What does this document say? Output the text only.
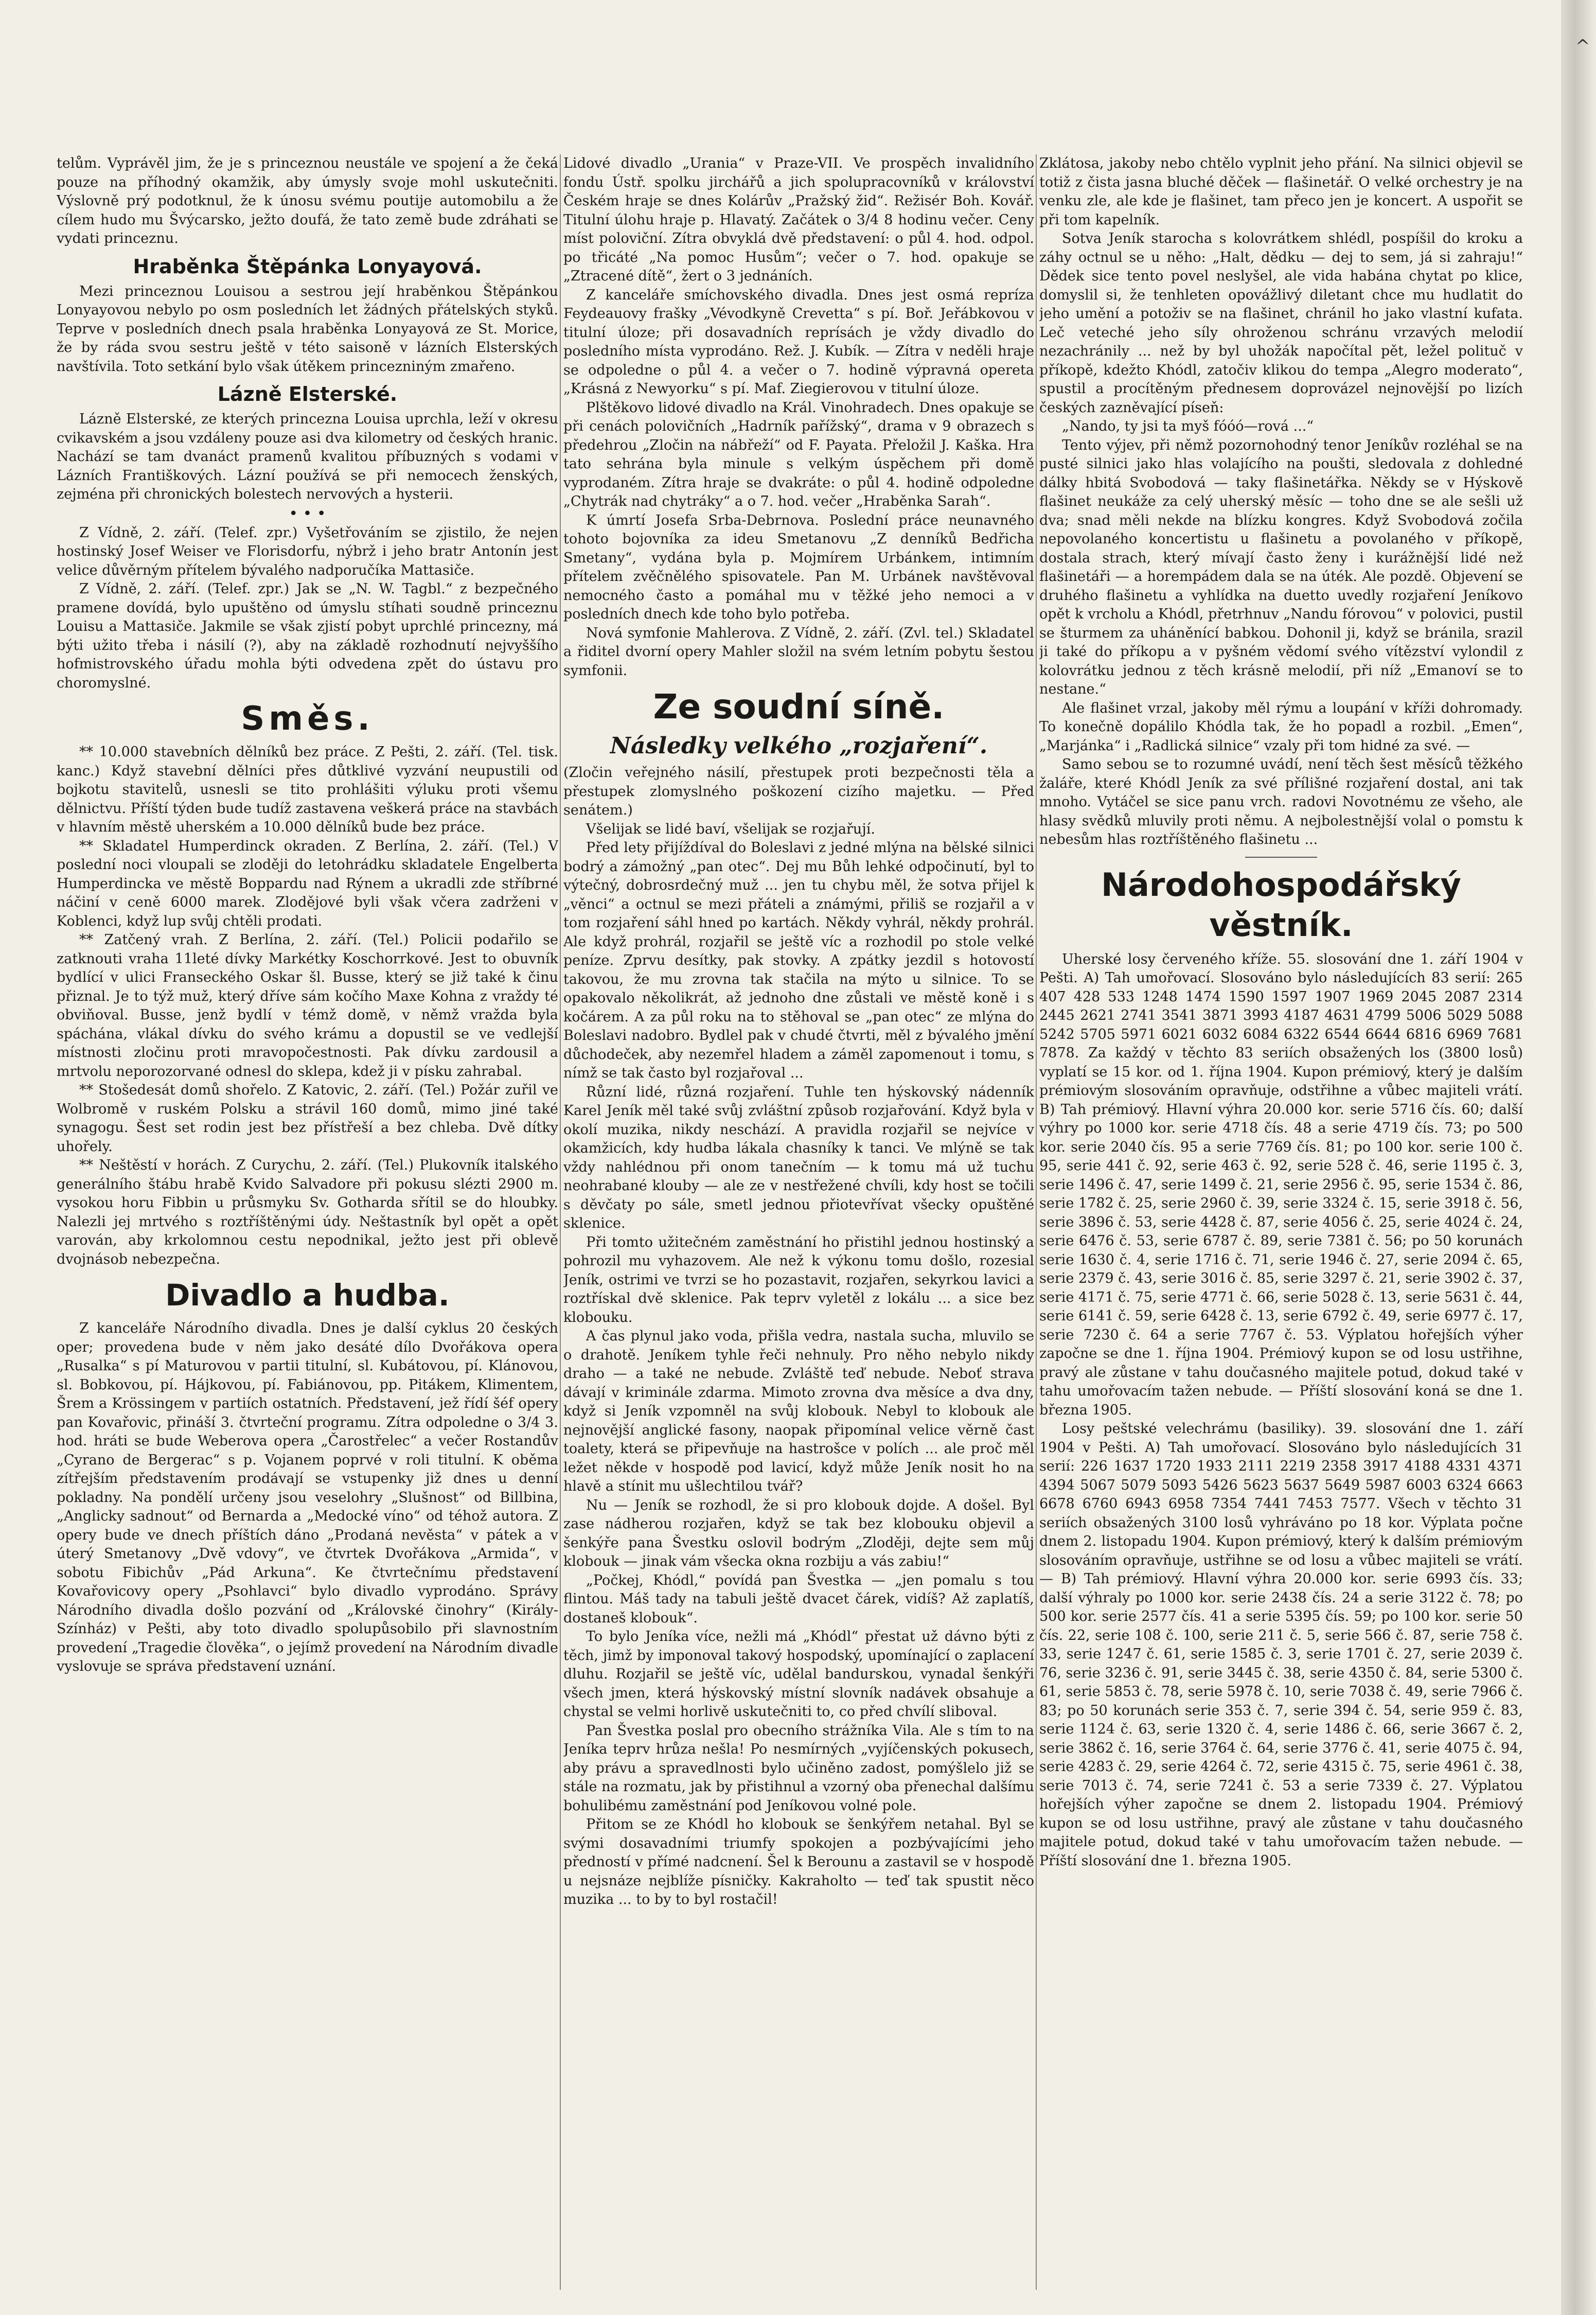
^

telům. Vyprávěl jim, že je s princeznou neustále ve spojení a že čeká pouze na příhodný okamžik, aby úmysly svoje mohl uskutečniti. Výslovně prý podotknul, že k únosu svému poutije automobilu a že cílem hudo mu Švýcarsko, ježto doufá, že tato země bude zdráhati se vydati princeznu.

Hraběnka Štěpánka Lonyayová.

Mezi princeznou Louisou a sestrou její hraběnkou Štěpánkou Lonyayovou nebylo po osm posledních let žádných přátelských styků. Teprve v posledních dnech psala hraběnka Lonyayová ze St. Morice, že by ráda svou sestru ještě v této saisoně v lázních Elsterských navštívila. Toto setkání bylo však útěkem princezniným zmařeno.

Lázně Elsterské.

Lázně Elsterské, ze kterých princezna Louisa uprchla, leží v okresu cvikavském a jsou vzdáleny pouze asi dva kilometry od českých hranic. Nachází se tam dvanáct pramenů kvalitou příbuzných s vodami v Lázních Františkových. Lázní používá se při nemocech ženských, zejména při chronických bolestech nervových a hysterii.

• • •

Z Vídně, 2. září. (Telef. zpr.) Vyšetřováním se zjistilo, že nejen hostinský Josef Weiser ve Florisdorfu, nýbrž i jeho bratr Antonín jest velice důvěrným přítelem bývalého nadporučíka Mattasiče.

Z Vídně, 2. září. (Telef. zpr.) Jak se „N. W. Tagbl.“ z bezpečného pramene dovídá, bylo upuštěno od úmyslu stíhati soudně princeznu Louisu a Mattasiče. Jakmile se však zjistí pobyt uprchlé princezny, má býti užito třeba i násilí (?), aby na základě rozhodnutí nejvyššího hofmistrovského úřadu mohla býti odvedena zpět do ústavu pro choromyslné.

Směs.

** 10.000 stavebních dělníků bez práce. Z Pešti, 2. září. (Tel. tisk. kanc.) Když stavební dělníci přes důtklivé vyzvání neupustili od bojkotu stavitelů, usnesli se tito prohlášiti výluku proti všemu dělnictvu. Příští týden bude tudíž zastavena veškerá práce na stavbách v hlavním městě uherském a 10.000 dělníků bude bez práce.

** Skladatel Humperdinck okraden. Z Berlína, 2. září. (Tel.) V poslední noci vloupali se zloději do letohrádku skladatele Engelberta Humperdincka ve městě Boppardu nad Rýnem a ukradli zde stříbrné náčiní v ceně 6000 marek. Zlodějové byli však včera zadrženi v Koblenci, když lup svůj chtěli prodati.

** Zatčený vrah. Z Berlína, 2. září. (Tel.) Policii podařilo se zatknouti vraha 11leté dívky Markétky Koschorrkové. Jest to obuvník bydlící v ulici Franseckého Oskar šl. Busse, který se již také k činu přiznal. Je to týž muž, který dříve sám kočího Maxe Kohna z vraždy té obviňoval. Busse, jenž bydlí v témž domě, v němž vražda byla spáchána, vlákal dívku do svého krámu a dopustil se ve vedlejší místnosti zločinu proti mravopočestnosti. Pak dívku zardousil a mrtvolu neporozorvané odnesl do sklepa, kdež ji v písku zahrabal.

** Stošedesát domů shořelo. Z Katovic, 2. září. (Tel.) Požár zuřil ve Wolbromě v ruském Polsku a strávil 160 domů, mimo jiné také synagogu. Šest set rodin jest bez přístřeší a bez chleba. Dvě dítky uhořely.

** Neštěstí v horách. Z Curychu, 2. září. (Tel.) Plukovník italského generálního štábu hrabě Kvido Salvadore při pokusu slézti 2900 m. vysokou horu Fibbin u průsmyku Sv. Gotharda sřítil se do hloubky. Nalezli jej mrtvého s roztříštěnými údy. Neštastník byl opět a opět varován, aby krkolomnou cestu nepodnikal, ježto jest při oblevě dvojnásob nebezpečna.

Divadlo a hudba.

Z kanceláře Národního divadla. Dnes je další cyklus 20 českých oper; provedena bude v něm jako desáté dílo Dvořákova opera „Rusalka“ s pí Maturovou v partii titulní, sl. Kubátovou, pí. Klánovou, sl. Bobkovou, pí. Hájkovou, pí. Fabiánovou, pp. Pitákem, Klimentem, Šrem a Krössingem v partiích ostatních. Představení, jež řídí šéf opery pan Kovařovic, přináší 3. čtvrteční programu. Zítra odpoledne o 3/4 3. hod. hráti se bude Weberova opera „Čarostřelec“ a večer Rostandův „Cyrano de Bergerac“ s p. Vojanem poprvé v roli titulní. K oběma zítřejším představením prodávají se vstupenky již dnes u denní pokladny. Na pondělí určeny jsou veselohry „Slušnost“ od Billbina, „Anglicky sadnout“ od Bernarda a „Medocké víno“ od téhož autora. Z opery bude ve dnech příštích dáno „Prodaná nevěsta“ v pátek a v úterý Smetanovy „Dvě vdovy“, ve čtvrtek Dvořákova „Armida“, v sobotu Fibichův „Pád Arkuna“. Ke čtvrtečnímu představení Kovařovicovy opery „Psohlavci“ bylo divadlo vyprodáno. Správy Národního divadla došlo pozvání od „Královské činohry“ (Király-Színház) v Pešti, aby toto divadlo spolupůsobilo při slavnostním provedení „Tragedie člověka“, o jejímž provedení na Národním divadle vyslovuje se správa představení uznání.

Lidové divadlo „Urania“ v Praze-VII. Ve prospěch invalidního fondu Ústř. spolku jirchářů a jich spolupracovníků v království Českém hraje se dnes Kolárův „Pražský žid“. Režisér Boh. Kovář. Titulní úlohu hraje p. Hlavatý. Začátek o 3/4 8 hodinu večer. Ceny míst poloviční. Zítra obvyklá dvě představení: o půl 4. hod. odpol. po třicáté „Na pomoc Husům“; večer o 7. hod. opakuje se „Ztracené dítě“, žert o 3 jednáních.

Z kanceláře smíchovského divadla. Dnes jest osmá repríza Feydeauovy frašky „Vévodkyně Crevetta“ s pí. Boř. Jeřábkovou v titulní úloze; při dosavadních reprísách je vždy divadlo do posledního místa vyprodáno. Rež. J. Kubík. — Zítra v neděli hraje se odpoledne o půl 4. a večer o 7. hodině výpravná opereta „Krásná z Newyorku“ s pí. Maf. Ziegierovou v titulní úloze.

Plštěkovo lidové divadlo na Král. Vinohradech. Dnes opakuje se při cenách polovičních „Hadrník pařížský“, drama v 9 obrazech s předehrou „Zločin na nábřeží“ od F. Payata. Přeložil J. Kaška. Hra tato sehrána byla minule s velkým úspěchem při domě vyprodaném. Zítra hraje se dvakráte: o půl 4. hodině odpoledne „Chytrák nad chytráky“ a o 7. hod. večer „Hraběnka Sarah“.

K úmrtí Josefa Srba-Debrnova. Poslední práce neunavného tohoto bojovníka za ideu Smetanovu „Z denníků Bedřicha Smetany“, vydána byla p. Mojmírem Urbánkem, intimním přítelem zvěčnělého spisovatele. Pan M. Urbánek navštěvoval nemocného často a pomáhal mu v těžké jeho nemoci a v posledních dnech kde toho bylo potřeba.

Nová symfonie Mahlerova. Z Vídně, 2. září. (Zvl. tel.) Skladatel a řiditel dvorní opery Mahler složil na svém letním pobytu šestou symfonii.

Ze soudní síně.
Následky velkého „rozjaření“.

(Zločin veřejného násilí, přestupek proti bezpečnosti těla a přestupek zlomyslného poškození cizího majetku. — Před senátem.)

Všelijak se lidé baví, všelijak se rozjařují.

Před lety přijíždíval do Boleslavi z jedné mlýna na bělské silnici bodrý a zámožný „pan otec“. Dej mu Bůh lehké odpočinutí, byl to výtečný, dobrosrdečný muž ... jen tu chybu měl, že sotva přijel k „věnci“ a octnul se mezi přáteli a známými, přiliš se rozjařil a v tom rozjaření sáhl hned po kartách. Někdy vyhrál, někdy prohrál. Ale když prohrál, rozjařil se ještě víc a rozhodil po stole velké peníze. Zprvu desítky, pak stovky. A zpátky jezdil s hotovostí takovou, že mu zrovna tak stačila na mýto u silnice. To se opakovalo několikrát, až jednoho dne zůstali ve městě koně i s kočárem. A za půl roku na to stěhoval se „pan otec“ ze mlýna do Boleslavi nadobro. Bydlel pak v chudé čtvrti, měl z bývalého jmění důchodeček, aby nezemřel hladem a záměl zapomenout i tomu, s nímž se tak často byl rozjařoval ...

Různí lidé, různá rozjaření. Tuhle ten hýskovský nádenník Karel Jeník měl také svůj zvláštní způsob rozjařování. Když byla v okolí muzika, nikdy neschází. A pravidla rozjařil se nejvíce v okamžicích, kdy hudba lákala chasníky k tanci. Ve mlýně se tak vždy nahlédnou při onom tanečním — k tomu má už tuchu neohrabané klouby — ale ze v nestřežené chvíli, kdy host se točili s děvčaty po sále, smetl jednou přiotevřívat všecky opuštěné sklenice.

Při tomto užitečném zaměstnání ho přistihl jednou hostinský a pohrozil mu vyhazovem. Ale než k výkonu tomu došlo, rozesial Jeník, ostrimi ve tvrzi se ho pozastavit, rozjařen, sekyrkou lavici a roztřískal dvě sklenice. Pak teprv vyletěl z lokálu ... a sice bez klobouku.

A čas plynul jako voda, přišla vedra, nastala sucha, mluvilo se o drahotě. Jeníkem tyhle řeči nehnuly. Pro něho nebylo nikdy draho — a také ne nebude. Zvláště teď nebude. Neboť strava dávají v kriminále zdarma. Mimoto zrovna dva měsíce a dva dny, když si Jeník vzpomněl na svůj klobouk. Nebyl to klobouk ale nejnovější anglické fasony, naopak připomínal velice věrně čast toalety, která se připevňuje na hastrošce v polích ... ale proč měl ležet někde v hospodě pod lavicí, když může Jeník nosit ho na hlavě a stínit mu ušlechtilou tvář?

Nu — Jeník se rozhodl, že si pro klobouk dojde. A došel. Byl zase nádherou rozjařen, když se tak bez klobouku objevil a šenkýře pana Švestku oslovil bodrým „Zloději, dejte sem můj klobouk — jinak vám všecka okna rozbiju a vás zabiu!“

„Počkej, Khódl,“ povídá pan Švestka — „jen pomalu s tou flintou. Máš tady na tabuli ještě dvacet čárek, vidíš? Až zaplatíš, dostaneš klobouk“.

To bylo Jeníka více, nežli má „Khódl“ přestat už dávno býti z těch, jimž by imponoval takový hospodský, upomínající o zaplacení dluhu. Rozjařil se ještě víc, udělal bandurskou, vynadal šenkýři všech jmen, která hýskovský místní slovník nadávek obsahuje a chystal se velmi horlivě uskutečniti to, co před chvílí sliboval.

Pan Švestka poslal pro obecního strážníka Vila. Ale s tím to na Jeníka teprv hrůza nešla! Po nesmírných „vyjíčenských pokusech, aby právu a spravedlnosti bylo učiněno zadost, pomýšlelo již se stále na rozmatu, jak by přistihnul a vzorný oba přenechal dalšímu bohulibému zaměstnání pod Jeníkovou volné pole.

Přitom se ze Khódl ho klobouk se šenkýřem netahal. Byl se svými dosavadními triumfy spokojen a pozbývajícími jeho předností v přímé nadcnení. Šel k Berounu a zastavil se v hospodě u nejsnáze nejblíže písničky. Kakraholto — teď tak spustit něco muzika ... to by to byl rostačil!

Zklátosa, jakoby nebo chtělo vyplnit jeho přání. Na silnici objevil se totiž z čista jasna bluché děček — flašinetář. O velké orchestry je na venku zle, ale kde je flašinet, tam přeco jen je koncert. A uspořit se při tom kapelník.

Sotva Jeník starocha s kolovrátkem shlédl, pospíšil do kroku a záhy octnul se u něho: „Halt, dědku — dej to sem, já si zahraju!“ Dědek sice tento povel neslyšel, ale vida habána chytat po klice, domyslil si, že tenhleten opovážlivý diletant chce mu hudlatit do jeho umění a potoživ se na flašinet, chránil ho jako vlastní kufata. Leč veteché jeho síly ohroženou schránu vrzavých melodií nezachránily ... než by byl uhožák napočítal pět, ležel polituč v příkopě, kdežto Khódl, zatočiv klikou do tempa „Alegro moderato“, spustil a procítěným přednesem doprovázel nejnovější po lizích českých zazněvající píseň:

„Nando, ty jsi ta myš fóóó—rová ...“

Tento výjev, při němž pozornohodný tenor Jeníkův rozléhal se na pusté silnici jako hlas volajícího na poušti, sledovala z dohledné dálky hbitá Svobodová — taky flašinetářka. Někdy se v Hýskově flašinet neukáže za celý uherský měsíc — toho dne se ale sešli už dva; snad měli nekde na blízku kongres. Když Svobodová zočila nepovolaného koncertistu u flašinetu a povolaného v příkopě, dostala strach, který mívají často ženy i kurážnější lidé než flašinetáři — a horempádem dala se na úték. Ale pozdě. Objevení se druhého flašinetu a vyhlídka na duetto uvedly rozjaření Jeníkovo opět k vrcholu a Khódl, přetrhnuv „Nandu fórovou“ v polovici, pustil se šturmem za uháněnící babkou. Dohonil ji, když se bránila, srazil ji také do příkopu a v pyšném vědomí svého vítězství vylondil z kolovrátku jednou z těch krásně melodií, při níž „Emanoví se to nestane.“

Ale flašinet vrzal, jakoby měl rýmu a loupání v kříži dohromady. To konečně dopálilo Khódla tak, že ho popadl a rozbil. „Emen“, „Marjánka“ i „Radlická silnice“ vzaly při tom hidné za své. —

Samo sebou se to rozumné uvádí, není těch šest měsíců těžkého žaláře, které Khódl Jeník za své přílišné rozjaření dostal, ani tak mnoho. Vytáčel se sice panu vrch. radovi Novotnému ze všeho, ale hlasy svědků mluvily proti němu. A nejbolestnější volal o pomstu k nebesům hlas roztříštěného flašinetu ...

Národohospodářský věstník.

Uherské losy červeného kříže. 55. slosování dne 1. září 1904 v Pešti. A) Tah umořovací. Slosováno bylo následujících 83 serií: 265 407 428 533 1248 1474 1590 1597 1907 1969 2045 2087 2314 2445 2621 2741 3541 3871 3993 4187 4631 4799 5006 5029 5088 5242 5705 5971 6021 6032 6084 6322 6544 6644 6816 6969 7681 7878. Za každý v těchto 83 seriích obsažených los (3800 losů) vyplatí se 15 kor. od 1. října 1904. Kupon prémiový, který je dalším prémiovým slosováním opravňuje, odstřihne a vůbec majiteli vrátí. B) Tah prémiový. Hlavní výhra 20.000 kor. serie 5716 čís. 60; další výhry po 1000 kor. serie 4718 čís. 48 a serie 4719 čís. 73; po 500 kor. serie 2040 čís. 95 a serie 7769 čís. 81; po 100 kor. serie 100 č. 95, serie 441 č. 92, serie 463 č. 92, serie 528 č. 46, serie 1195 č. 3, serie 1496 č. 47, serie 1499 č. 21, serie 2956 č. 95, serie 1534 č. 86, serie 1782 č. 25, serie 2960 č. 39, serie 3324 č. 15, serie 3918 č. 56, serie 3896 č. 53, serie 4428 č. 87, serie 4056 č. 25, serie 4024 č. 24, serie 6476 č. 53, serie 6787 č. 89, serie 7381 č. 56; po 50 korunách serie 1630 č. 4, serie 1716 č. 71, serie 1946 č. 27, serie 2094 č. 65, serie 2379 č. 43, serie 3016 č. 85, serie 3297 č. 21, serie 3902 č. 37, serie 4171 č. 75, serie 4771 č. 66, serie 5028 č. 13, serie 5631 č. 44, serie 6141 č. 59, serie 6428 č. 13, serie 6792 č. 49, serie 6977 č. 17, serie 7230 č. 64 a serie 7767 č. 53. Výplatou hořejších výher započne se dne 1. října 1904. Prémiový kupon se od losu ustřihne, pravý ale zůstane v tahu doučasného majitele potud, dokud také v tahu umořovacím tažen nebude. — Příští slosování koná se dne 1. března 1905.

Losy peštské velechrámu (basiliky). 39. slosování dne 1. září 1904 v Pešti. A) Tah umořovací. Slosováno bylo následujících 31 serií: 226 1637 1720 1933 2111 2219 2358 3917 4188 4331 4371 4394 5067 5079 5093 5426 5623 5637 5649 5987 6003 6324 6663 6678 6760 6943 6958 7354 7441 7453 7577. Všech v těchto 31 seriích obsažených 3100 losů vyhráváno po 18 kor. Výplata počne dnem 2. listopadu 1904. Kupon prémiový, který k dalším prémiovým slosováním opravňuje, ustřihne se od losu a vůbec majiteli se vrátí. — B) Tah prémiový. Hlavní výhra 20.000 kor. serie 6993 čís. 33; další výhraly po 1000 kor. serie 2438 čís. 24 a serie 3122 č. 78; po 500 kor. serie 2577 čís. 41 a serie 5395 čís. 59; po 100 kor. serie 50 čís. 22, serie 108 č. 100, serie 211 č. 5, serie 566 č. 87, serie 758 č. 33, serie 1247 č. 61, serie 1585 č. 3, serie 1701 č. 27, serie 2039 č. 76, serie 3236 č. 91, serie 3445 č. 38, serie 4350 č. 84, serie 5300 č. 61, serie 5853 č. 78, serie 5978 č. 10, serie 7038 č. 49, serie 7966 č. 83; po 50 korunách serie 353 č. 7, serie 394 č. 54, serie 959 č. 83, serie 1124 č. 63, serie 1320 č. 4, serie 1486 č. 66, serie 3667 č. 2, serie 3862 č. 16, serie 3764 č. 64, serie 3776 č. 41, serie 4075 č. 94, serie 4283 č. 29, serie 4264 č. 72, serie 4315 č. 75, serie 4961 č. 38, serie 7013 č. 74, serie 7241 č. 53 a serie 7339 č. 27. Výplatou hořejších výher započne se dnem 2. listopadu 1904. Prémiový kupon se od losu ustřihne, pravý ale zůstane v tahu doučasného majitele potud, dokud také v tahu umořovacím tažen nebude. — Příští slosování dne 1. března 1905.
